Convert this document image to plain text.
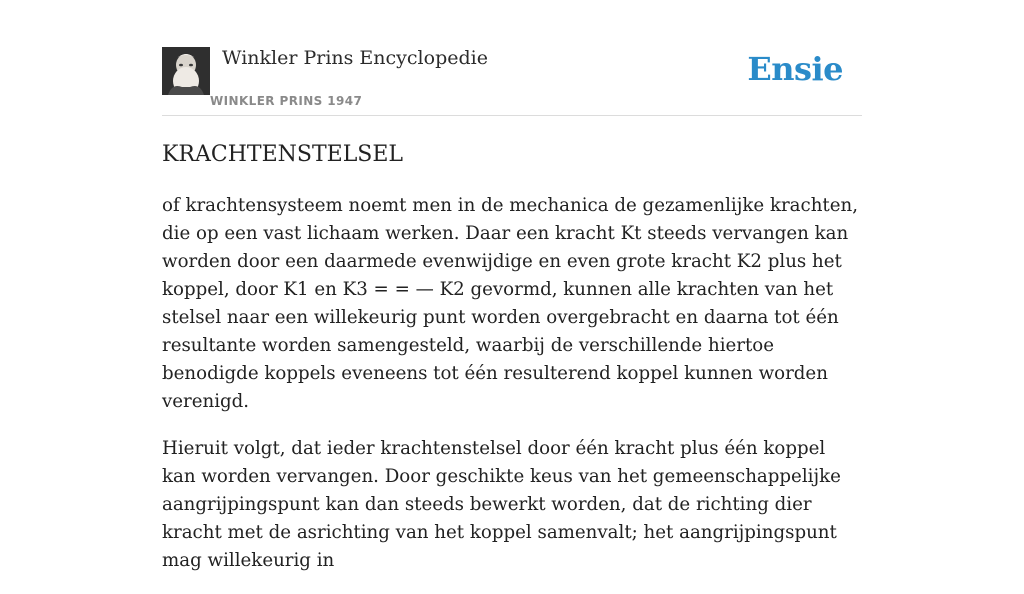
Winkler Prins Encyclopedie
WINKLER PRINS 1947
Ensie
KRACHTENSTELSEL

of krachtensysteem noemt men in de mechanica de gezamenlijke krachten, die op een vast lichaam werken. Daar een kracht Kt steeds vervangen kan worden door een daarmede evenwijdige en even grote kracht K2 plus het koppel, door K1 en K3 = = — K2 gevormd, kunnen alle krachten van het stelsel naar een willekeurig punt worden overgebracht en daarna tot één resultante worden samengesteld, waarbij de verschillende hiertoe benodigde koppels eveneens tot één resulterend koppel kunnen worden verenigd.

Hieruit volgt, dat ieder krachtenstelsel door één kracht plus één koppel kan worden vervangen. Door geschikte keus van het gemeenschappelijke aangrijpingspunt kan dan steeds bewerkt worden, dat de richting dier kracht met de asrichting van het koppel samenvalt; het aangrijpingspunt mag willekeurig in
